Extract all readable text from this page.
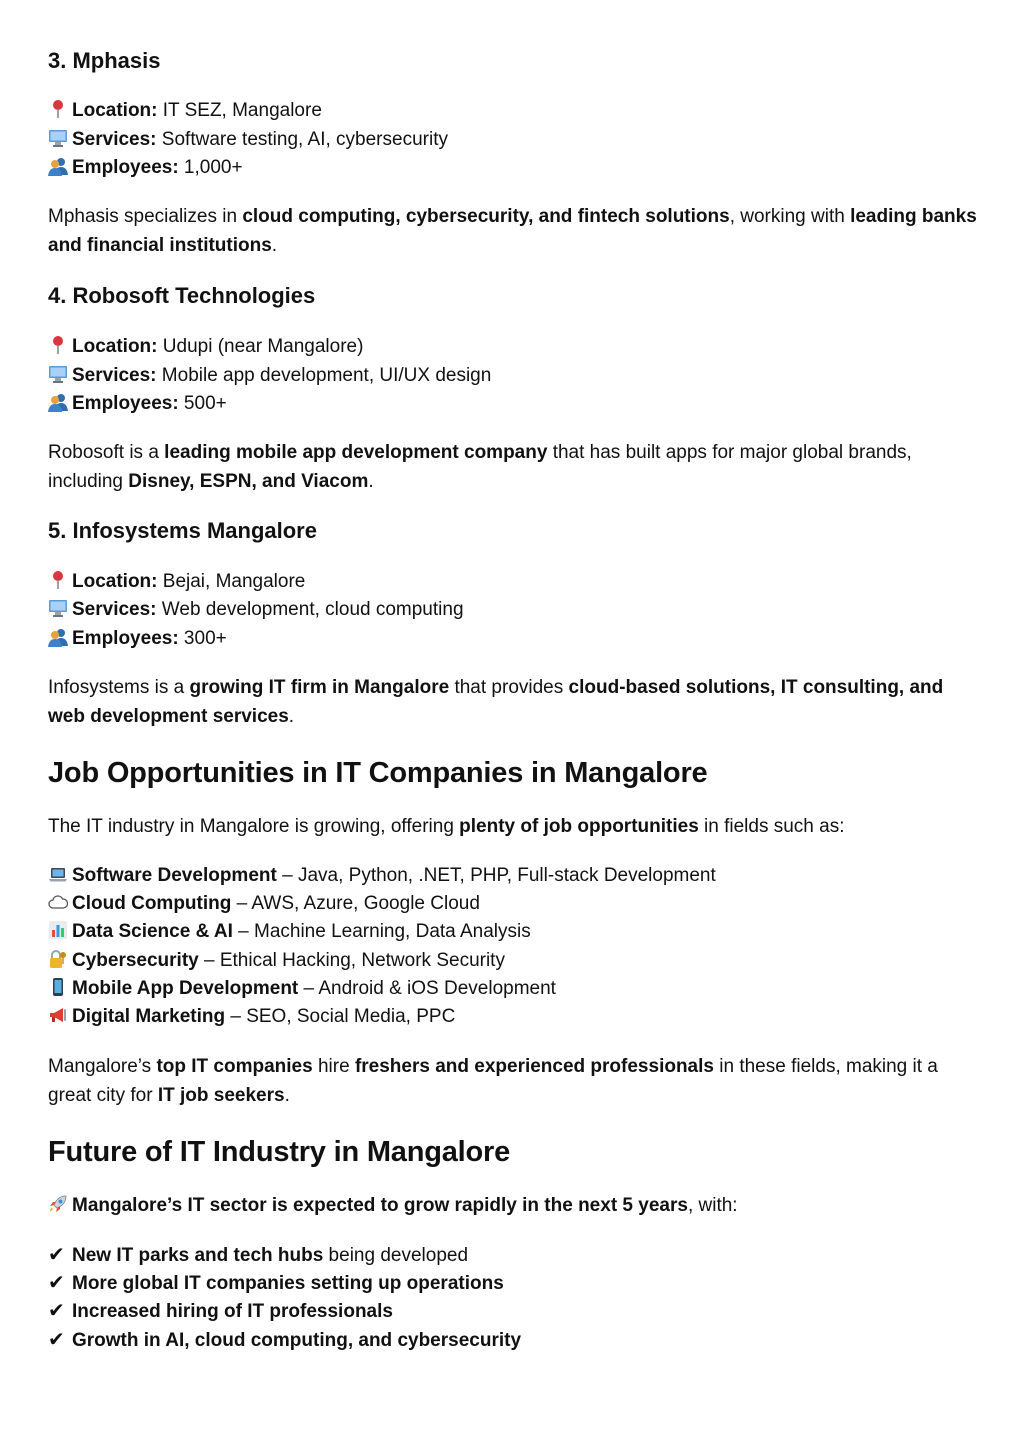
3. Mphasis
Location: IT SEZ, Mangalore
Services: Software testing, AI, cybersecurity
Employees: 1,000+

Mphasis specializes in cloud computing, cybersecurity, and fintech solutions, working with leading banks and financial institutions.

4. Robosoft Technologies
Location: Udupi (near Mangalore)
Services: Mobile app development, UI/UX design
Employees: 500+

Robosoft is a leading mobile app development company that has built apps for major global brands, including Disney, ESPN, and Viacom.

5. Infosystems Mangalore
Location: Bejai, Mangalore
Services: Web development, cloud computing
Employees: 300+

Infosystems is a growing IT firm in Mangalore that provides cloud-based solutions, IT consulting, and web development services.

Job Opportunities in IT Companies in Mangalore

The IT industry in Mangalore is growing, offering plenty of job opportunities in fields such as:

Software Development – Java, Python, .NET, PHP, Full-stack Development
Cloud Computing – AWS, Azure, Google Cloud
Data Science & AI – Machine Learning, Data Analysis
Cybersecurity – Ethical Hacking, Network Security
Mobile App Development – Android & iOS Development
Digital Marketing – SEO, Social Media, PPC

Mangalore’s top IT companies hire freshers and experienced professionals in these fields, making it a great city for IT job seekers.

Future of IT Industry in Mangalore
Mangalore’s IT sector is expected to grow rapidly in the next 5 years, with:
✔ New IT parks and tech hubs being developed
✔ More global IT companies setting up operations
✔ Increased hiring of IT professionals
✔ Growth in AI, cloud computing, and cybersecurity
